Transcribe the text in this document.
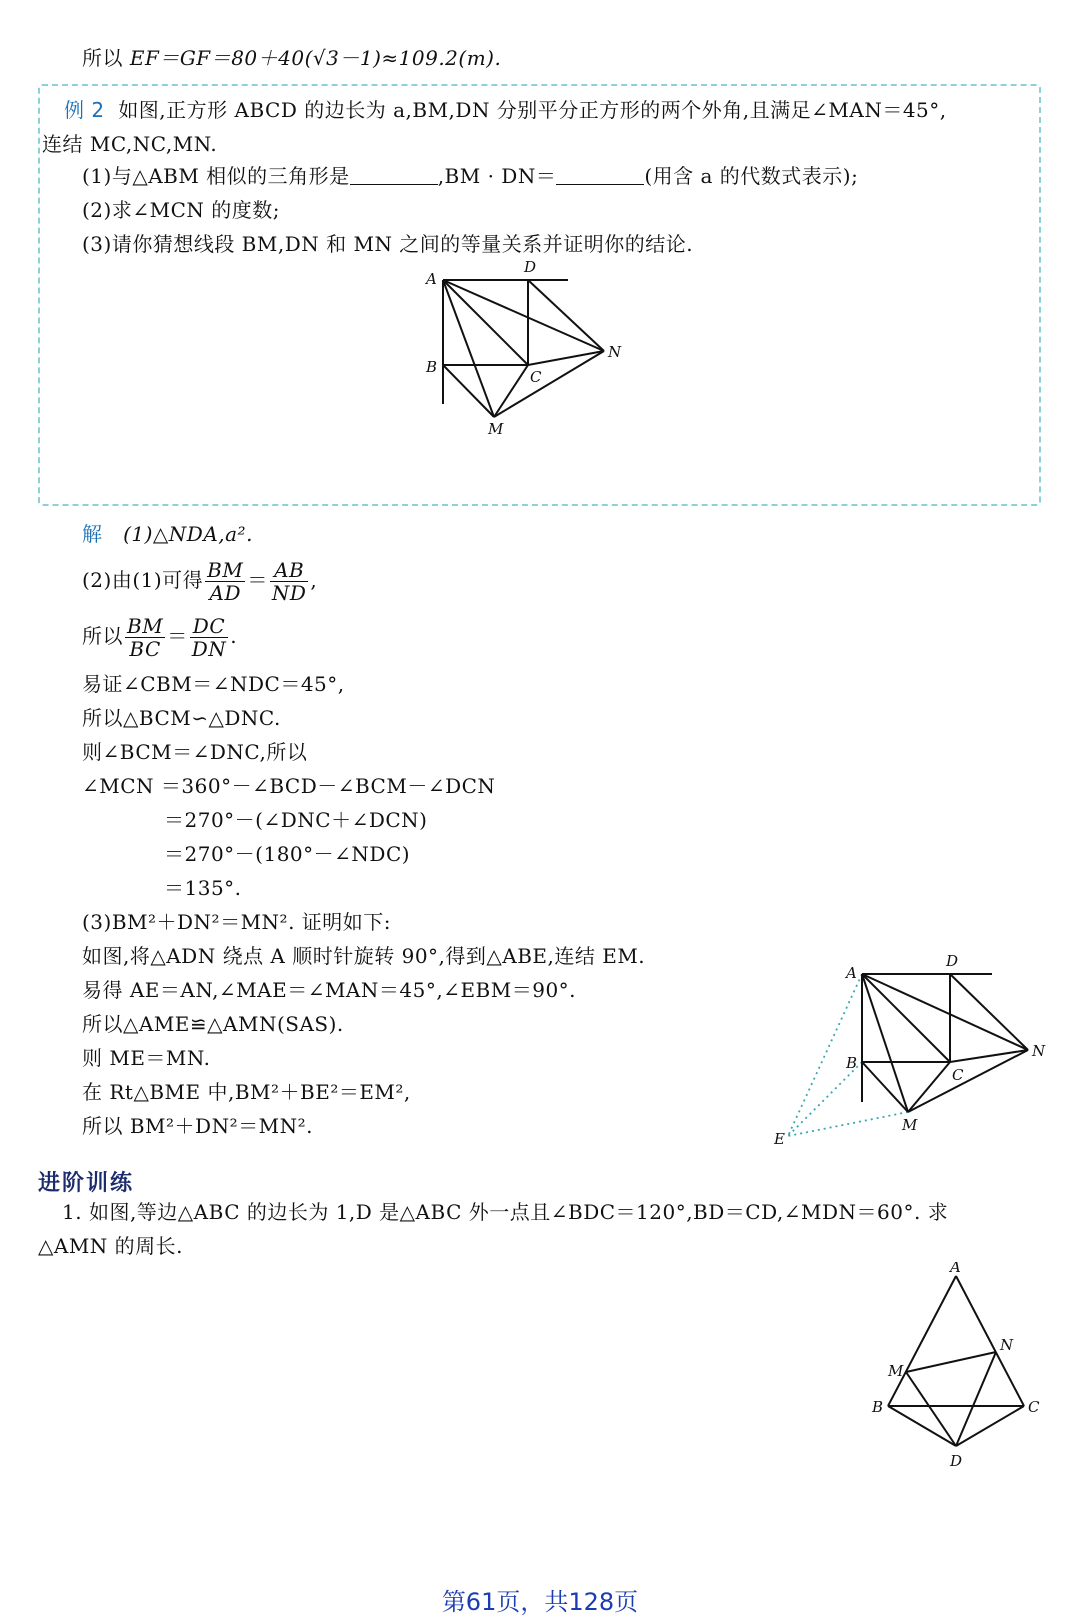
所以 EF＝GF＝80＋40(√3－1)≈109.2(m).
例 2 如图,正方形 ABCD 的边长为 a,BM,DN 分别平分正方形的两个外角,且满足∠MAN＝45°,
连结 MC,NC,MN.
(1)与△ABM 相似的三角形是	,BM · DN＝	(用含 a 的代数式表示);
(2)求∠MCN 的度数;
(3)请你猜想线段 BM,DN 和 MN 之间的等量关系并证明你的结论.
A
D
B
C
N
M
解 (1)△NDA,a².
(2)由(1)可得 $\frac{BM}{AD} = \frac{AB}{ND}$ ,
所以 $\frac{BM}{BC} = \frac{DC}{DN}$ .
易证∠CBM＝∠NDC＝45°,
所以△BCM∽△DNC.
则∠BCM＝∠DNC,所以
∠MCN ＝360°－∠BCD－∠BCM－∠DCN
＝270°－(∠DNC＋∠DCN)
＝270°－(180°－∠NDC)
＝135°.
(3)BM²＋DN²＝MN². 证明如下:
如图,将△ADN 绕点 A 顺时针旋转 90°,得到△ABE,连结 EM.
易得 AE＝AN,∠MAE＝∠MAN＝45°,∠EBM＝90°.
所以△AME≌△AMN(SAS).
则 ME＝MN.
在 Rt△BME 中,BM²＋BE²＝EM²,
所以 BM²＋DN²＝MN².
A
D
B
C
N
M
E
进阶训练
1. 如图,等边△ABC 的边长为 1,D 是△ABC 外一点且∠BDC＝120°,BD＝CD,∠MDN＝60°. 求
△AMN 的周长.
A
M
N
B	C
D
第61页，共128页
